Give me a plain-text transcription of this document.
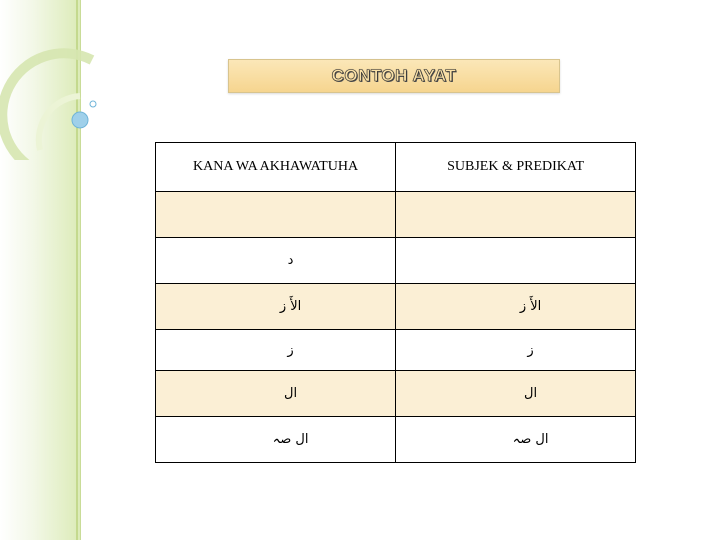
CONTOH AYAT
KANA WA AKHAWATUHA	SUBJEK & PREDIKAT

د	
الأَ ز	الأَ ز
ز	ز
ال	ال
ال صہ	ال صہ
